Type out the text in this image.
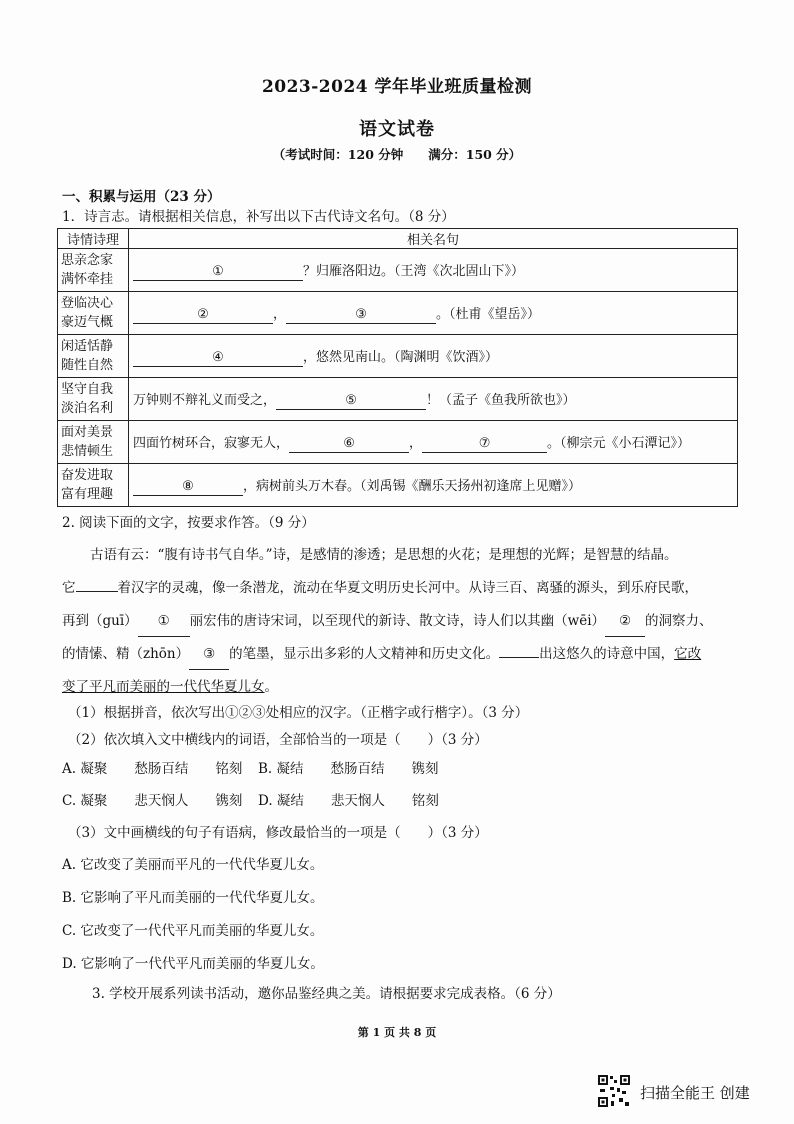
2023-2024 学年毕业班质量检测
语文试卷
（考试时间：120 分钟　　满分：150 分）
一、积累与运用（23 分）
1．诗言志。请根据相关信息，补写出以下古代诗文名句。（8 分）
诗情诗理	相关名句
思亲念家满怀牵挂	① ？归雁洛阳边。（王湾《次北固山下》）
登临决心豪迈气概	② ， ③ 。（杜甫《望岳》）
闲适恬静随性自然	④ ，悠然见南山。（陶渊明《饮酒》）
坚守自我淡泊名利	万钟则不辩礼义而受之， ⑤ ！（孟子《鱼我所欲也》）
面对美景悲情顿生	四面竹树环合，寂寥无人， ⑥ ， ⑦ 。（柳宗元《小石潭记》）
奋发进取富有理趣	⑧ ，病树前头万木春。（刘禹锡《酬乐天扬州初逢席上见赠》）
2. 阅读下面的文字，按要求作答。（9 分）
古语有云：“腹有诗书气自华。”诗，是感情的渗透；是思想的火花；是理想的光辉；是智慧的结晶。
它	着汉字的灵魂，像一条潜龙，流动在华夏文明历史长河中。从诗三百、离骚的源头，到乐府民歌，
再到（guī） ① 丽宏伟的唐诗宋词，以至现代的新诗、散文诗，诗人们以其幽（wēi） ② 的洞察力、
的情愫、精（zhōn） ③ 的笔墨，显示出多彩的人文精神和历史文化。	出这悠久的诗意中国，它改
变了平凡而美丽的一代代华夏儿女。
（1）根据拼音，依次写出①②③处相应的汉字。（正楷字或行楷字）。（3 分）
（2）依次填入文中横线内的词语，全部恰当的一项是（　　）（3 分）
A. 凝聚　　愁肠百结　　铭刻 B. 凝结　　愁肠百结　　镌刻
C. 凝聚　　悲天悯人　　镌刻 D. 凝结　　悲天悯人　　铭刻
（3）文中画横线的句子有语病，修改最恰当的一项是（　　）（3 分）
A. 它改变了美丽而平凡的一代代华夏儿女。
B. 它影响了平凡而美丽的一代代华夏儿女。
C. 它改变了一代代平凡而美丽的华夏儿女。
D. 它影响了一代代平凡而美丽的华夏儿女。
3. 学校开展系列读书活动，邀你品鉴经典之美。请根据要求完成表格。（6 分）
第 1 页 共 8 页
扫描全能王 创建
